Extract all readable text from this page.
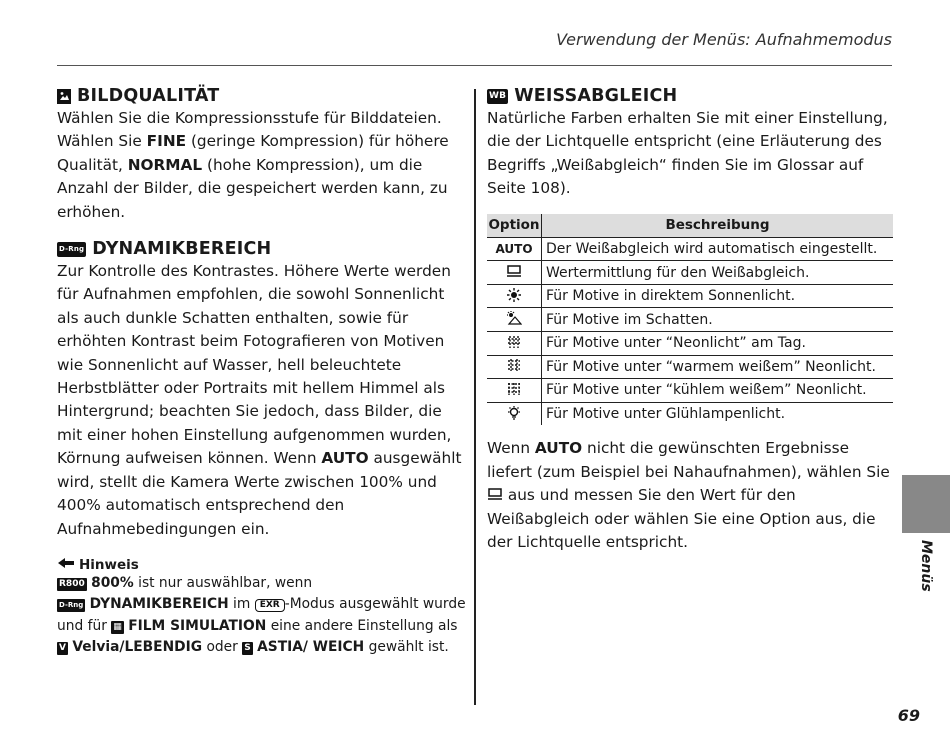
Verwendung der Menüs: Aufnahmemodus
BILDQUALITÄT

Wählen Sie die Kompressionsstufe für Bilddateien. Wählen Sie FINE (geringe Kompression) für höhere Qualität, NORMAL (hohe Kompression), um die Anzahl der Bilder, die gespeichert werden kann, zu erhöhen.

D-Rng DYNAMIKBEREICH

Zur Kontrolle des Kontrastes. Höhere Werte werden für Aufnahmen empfohlen, die sowohl Sonnenlicht als auch dunkle Schatten enthalten, sowie für erhöhten Kontrast beim Fotografieren von Motiven wie Sonnenlicht auf Wasser, hell beleuchtete Herbstblätter oder Portraits mit hellem Himmel als Hintergrund; beachten Sie jedoch, dass Bilder, die mit einer hohen Einstellung aufgenommen wurden, Körnung aufweisen können. Wenn AUTO ausgewählt wird, stellt die Kamera Werte zwischen 100% und 400% automatisch entsprechend den Aufnahmebedingungen ein.

Hinweis
R800 800% ist nur auswählbar, wenn
D-Rng DYNAMIKBEREICH im EXR -Modus ausgewählt wurde und für ▦ FILM SIMULATION eine andere Einstellung als V Velvia/LEBENDIG oder S ASTIA/ WEICH gewählt ist.
WB WEISSABGLEICH

Natürliche Farben erhalten Sie mit einer Einstellung, die der Lichtquelle entspricht (eine Erläuterung des Begriffs „Weißabgleich“ finden Sie im Glossar auf Seite 108).

Option	Beschreibung
AUTO	Der Weißabgleich wird automatisch eingestellt.
	Wertermittlung für den Weißabgleich.
	Für Motive in direktem Sonnenlicht.
	Für Motive im Schatten.
	Für Motive unter “Neonlicht” am Tag.
	Für Motive unter “warmem weißem” Neonlicht.
	Für Motive unter “kühlem weißem” Neonlicht.
	Für Motive unter Glühlampenlicht.

Wenn AUTO nicht die gewünschten Ergebnisse liefert (zum Beispiel bei Nahaufnahmen), wählen Sie  aus und messen Sie den Wert für den Weißabgleich oder wählen Sie eine Option aus, die der Lichtquelle entspricht.	Menüs
69
